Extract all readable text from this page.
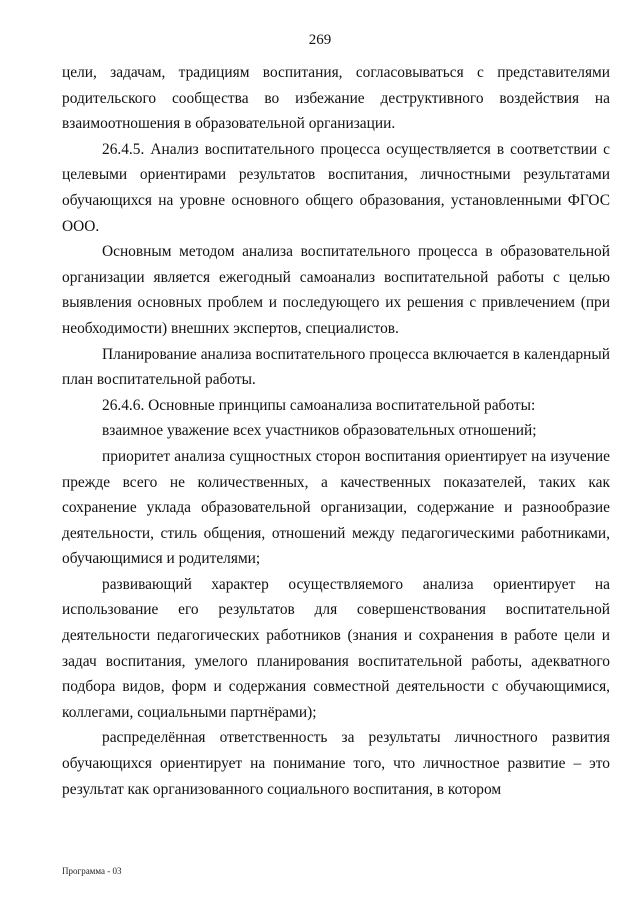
269

цели, задачам, традициям воспитания, согласовываться с представителями родительского сообщества во избежание деструктивного воздействия на взаимоотношения в образовательной организации.

26.4.5. Анализ воспитательного процесса осуществляется в соответствии с целевыми ориентирами результатов воспитания, личностными результатами обучающихся на уровне основного общего образования, установленными ФГОС ООО.

Основным методом анализа воспитательного процесса в образовательной организации является ежегодный самоанализ воспитательной работы с целью выявления основных проблем и последующего их решения с привлечением (при необходимости) внешних экспертов, специалистов.

Планирование анализа воспитательного процесса включается в календарный план воспитательной работы.

26.4.6. Основные принципы самоанализа воспитательной работы:

взаимное уважение всех участников образовательных отношений;

приоритет анализа сущностных сторон воспитания ориентирует на изучение прежде всего не количественных, а качественных показателей, таких как сохранение уклада образовательной организации, содержание и разнообразие деятельности, стиль общения, отношений между педагогическими работниками, обучающимися и родителями;

развивающий характер осуществляемого анализа ориентирует на использование его результатов для совершенствования воспитательной деятельности педагогических работников (знания и сохранения в работе цели и задач воспитания, умелого планирования воспитательной работы, адекватного подбора видов, форм и содержания совместной деятельности с обучающимися, коллегами, социальными партнёрами);

распределённая ответственность за результаты личностного развития обучающихся ориентирует на понимание того, что личностное развитие – это результат как организованного социального воспитания, в котором

Программа - 03
